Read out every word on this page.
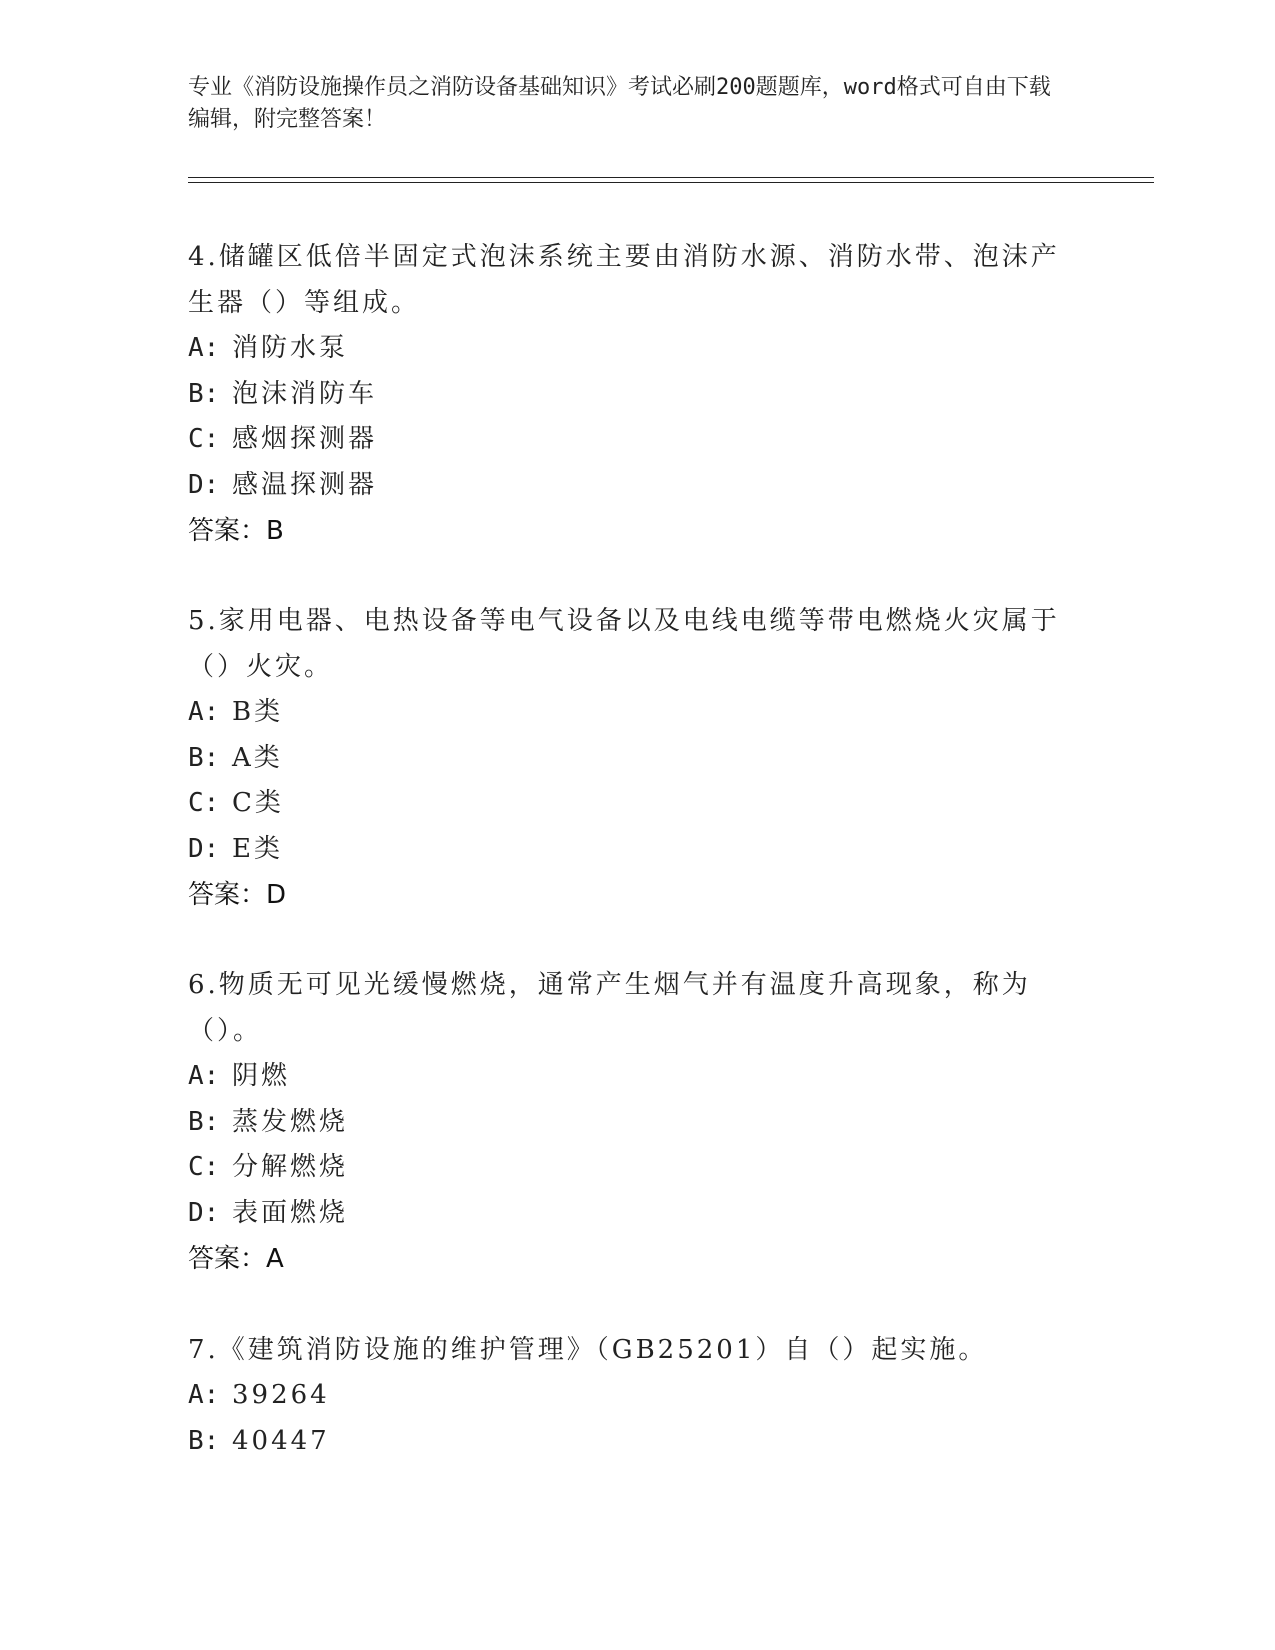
专业《消防设施操作员之消防设备基础知识》考试必刷200题题库，word格式可自由下载编辑，附完整答案！

4.储罐区低倍半固定式泡沫系统主要由消防水源、消防水带、泡沫产生器（）等组成。

A: 消防水泵

B: 泡沫消防车

C: 感烟探测器

D: 感温探测器

答案：B

5.家用电器、电热设备等电气设备以及电线电缆等带电燃烧火灾属于（）火灾。

A: B类

B: A类

C: C类

D: E类

答案：D

6.物质无可见光缓慢燃烧，通常产生烟气并有温度升高现象，称为（）。

A: 阴燃

B: 蒸发燃烧

C: 分解燃烧

D: 表面燃烧

答案：A

7.《建筑消防设施的维护管理》（GB25201）自（）起实施。

A: 39264

B: 40447
